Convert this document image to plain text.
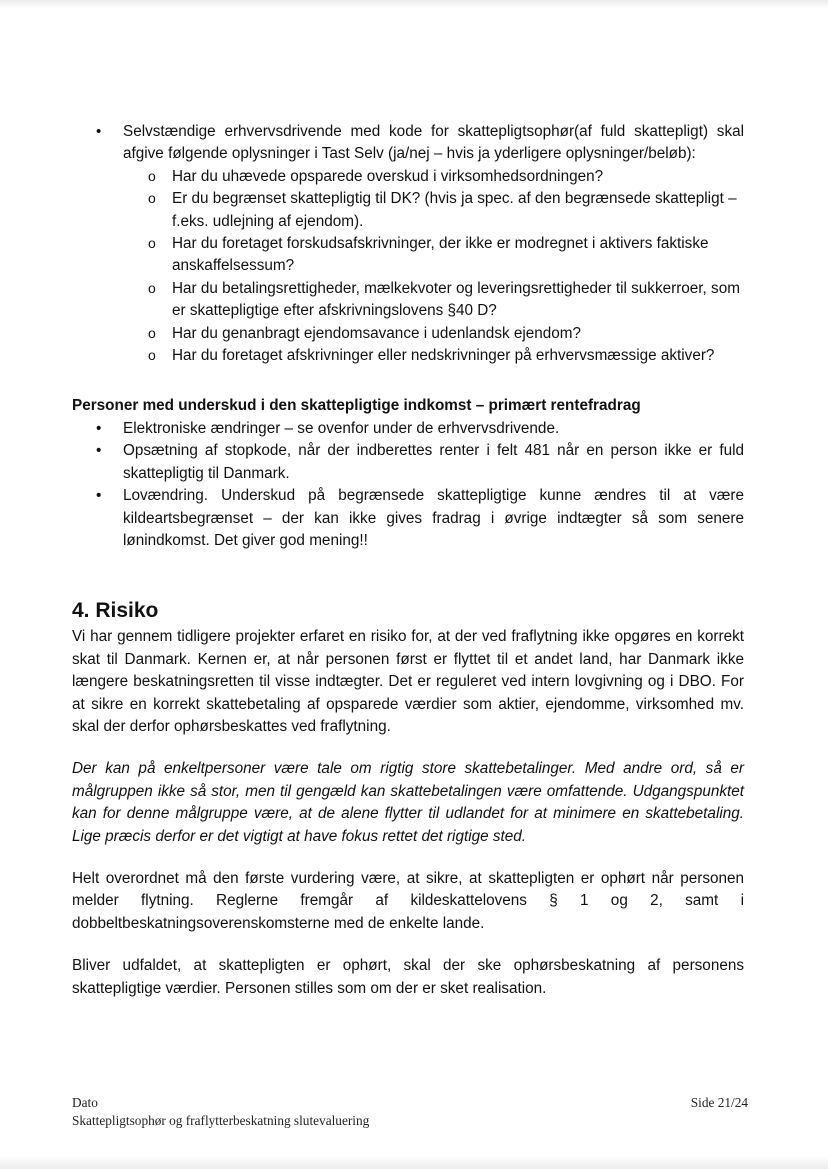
• Selvstændige erhvervsdrivende med kode for skattepligtsophør(af fuld skattepligt) skal afgive følgende oplysninger i Tast Selv (ja/nej – hvis ja yderligere oplysninger/beløb):
o Har du uhævede opsparede overskud i virksomhedsordningen?
o Er du begrænset skattepligtig til DK? (hvis ja spec. af den begrænsede skattepligt – f.eks. udlejning af ejendom).
o Har du foretaget forskudsafskrivninger, der ikke er modregnet i aktivers faktiske anskaffelsessum?
o Har du betalingsrettigheder, mælkekvoter og leveringsrettigheder til sukkerroer, som er skattepligtige efter afskrivningslovens §40 D?
o Har du genanbragt ejendomsavance i udenlandsk ejendom?
o Har du foretaget afskrivninger eller nedskrivninger på erhvervsmæssige aktiver?
Personer med underskud i den skattepligtige indkomst – primært rentefradrag
• Elektroniske ændringer – se ovenfor under de erhvervsdrivende.
• Opsætning af stopkode, når der indberettes renter i felt 481 når en person ikke er fuld skattepligtig til Danmark.
• Lovændring. Underskud på begrænsede skattepligtige kunne ændres til at være kildeartsbegrænset – der kan ikke gives fradrag i øvrige indtægter så som senere lønindkomst. Det giver god mening!!
4. Risiko

Vi har gennem tidligere projekter erfaret en risiko for, at der ved fraflytning ikke opgøres en korrekt skat til Danmark. Kernen er, at når personen først er flyttet til et andet land, har Danmark ikke længere beskatningsretten til visse indtægter. Det er reguleret ved intern lovgivning og i DBO. For at sikre en korrekt skattebetaling af opsparede værdier som aktier, ejendomme, virksomhed mv. skal der derfor ophørsbeskattes ved fraflytning.

Der kan på enkeltpersoner være tale om rigtig store skattebetalinger. Med andre ord, så er målgruppen ikke så stor, men til gengæld kan skattebetalingen være omfattende. Udgangspunktet kan for denne målgruppe være, at de alene flytter til udlandet for at minimere en skattebetaling. Lige præcis derfor er det vigtigt at have fokus rettet det rigtige sted.

Helt overordnet må den første vurdering være, at sikre, at skattepligten er ophørt når personen melder flytning. Reglerne fremgår af kildeskattelovens § 1 og 2, samt i dobbeltbeskatningsoverenskomsterne med de enkelte lande.

Bliver udfaldet, at skattepligten er ophørt, skal der ske ophørsbeskatning af personens skattepligtige værdier. Personen stilles som om der er sket realisation.

Dato
Skattepligtsophør og fraflytterbeskatning slutevaluering
Side 21/24
